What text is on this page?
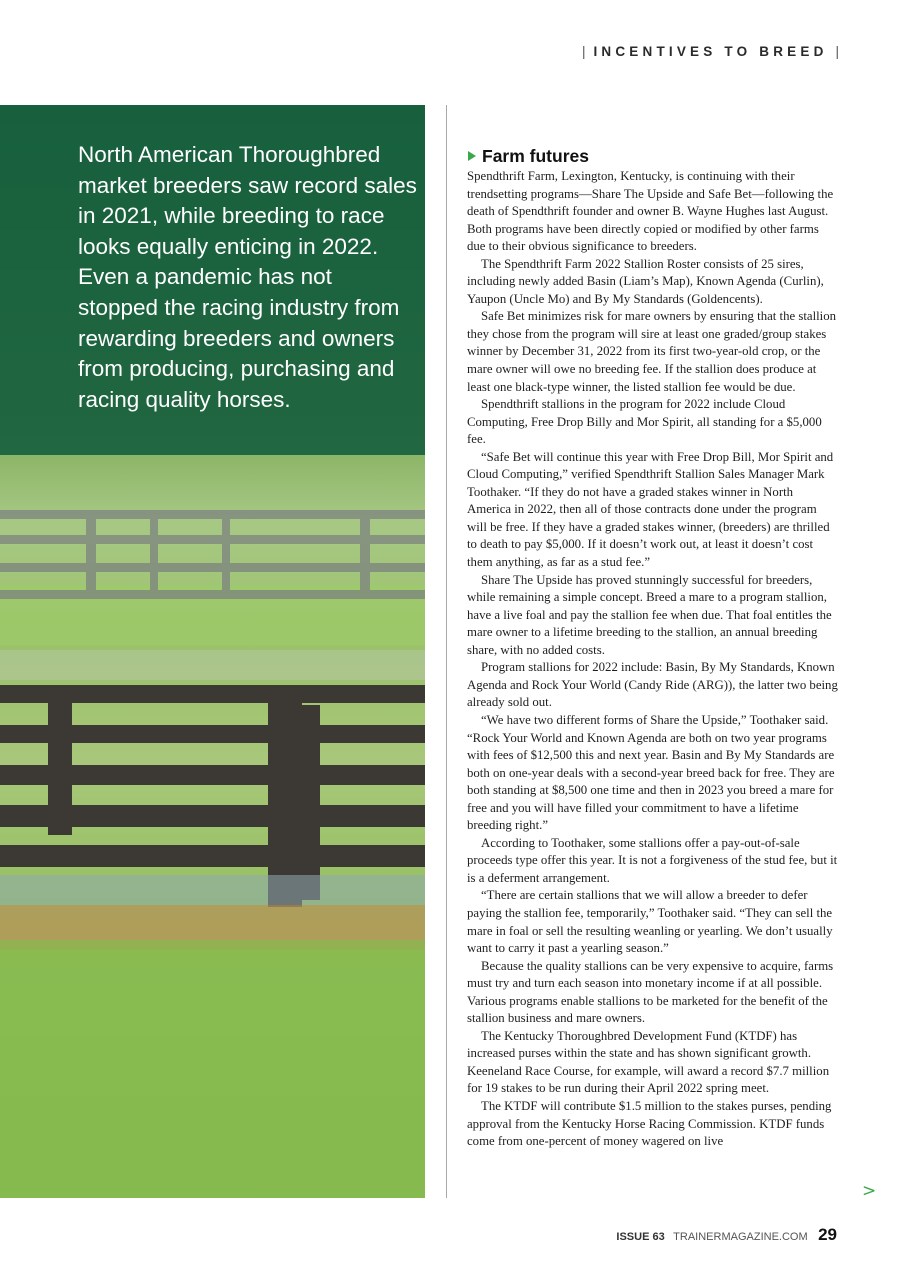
| INCENTIVES TO BREED |

North American Thoroughbred market breeders saw record sales in 2021, while breeding to race looks equally enticing in 2022. Even a pandemic has not stopped the racing industry from rewarding breeders and owners from producing, purchasing and racing quality horses.

Farm futures

Spendthrift Farm, Lexington, Kentucky, is continuing with their trendsetting programs—Share The Upside and Safe Bet—following the death of Spendthrift founder and owner B. Wayne Hughes last August. Both programs have been directly copied or modified by other farms due to their obvious significance to breeders.

The Spendthrift Farm 2022 Stallion Roster consists of 25 sires, including newly added Basin (Liam’s Map), Known Agenda (Curlin), Yaupon (Uncle Mo) and By My Standards (Goldencents).

Safe Bet minimizes risk for mare owners by ensuring that the stallion they chose from the program will sire at least one graded/group stakes winner by December 31, 2022 from its first two-year-old crop, or the mare owner will owe no breeding fee. If the stallion does produce at least one black-type winner, the listed stallion fee would be due.

Spendthrift stallions in the program for 2022 include Cloud Computing, Free Drop Billy and Mor Spirit, all standing for a $5,000 fee.

“Safe Bet will continue this year with Free Drop Bill, Mor Spirit and Cloud Computing,” verified Spendthrift Stallion Sales Manager Mark Toothaker. “If they do not have a graded stakes winner in North America in 2022, then all of those contracts done under the program will be free. If they have a graded stakes winner, (breeders) are thrilled to death to pay $5,000. If it doesn’t work out, at least it doesn’t cost them anything, as far as a stud fee.”

Share The Upside has proved stunningly successful for breeders, while remaining a simple concept. Breed a mare to a program stallion, have a live foal and pay the stallion fee when due. That foal entitles the mare owner to a lifetime breeding to the stallion, an annual breeding share, with no added costs.

Program stallions for 2022 include: Basin, By My Standards, Known Agenda and Rock Your World (Candy Ride (ARG)), the latter two being already sold out.

“We have two different forms of Share the Upside,” Toothaker said. “Rock Your World and Known Agenda are both on two year programs with fees of $12,500 this and next year. Basin and By My Standards are both on one-year deals with a second-year breed back for free. They are both standing at $8,500 one time and then in 2023 you breed a mare for free and you will have filled your commitment to have a lifetime breeding right.”

According to Toothaker, some stallions offer a pay-out-of-sale proceeds type offer this year. It is not a forgiveness of the stud fee, but it is a deferment arrangement.

“There are certain stallions that we will allow a breeder to defer paying the stallion fee, temporarily,” Toothaker said. “They can sell the mare in foal or sell the resulting weanling or yearling. We don’t usually want to carry it past a yearling season.”

Because the quality stallions can be very expensive to acquire, farms must try and turn each season into monetary income if at all possible. Various programs enable stallions to be marketed for the benefit of the stallion business and mare owners.

The Kentucky Thoroughbred Development Fund (KTDF) has increased purses within the state and has shown significant growth. Keeneland Race Course, for example, will award a record $7.7 million for 19 stakes to be run during their April 2022 spring meet.

The KTDF will contribute $1.5 million to the stakes purses, pending approval from the Kentucky Horse Racing Commission. KTDF funds come from one-percent of money wagered on live

>
ISSUE 63 TRAINERMAGAZINE.COM 29
